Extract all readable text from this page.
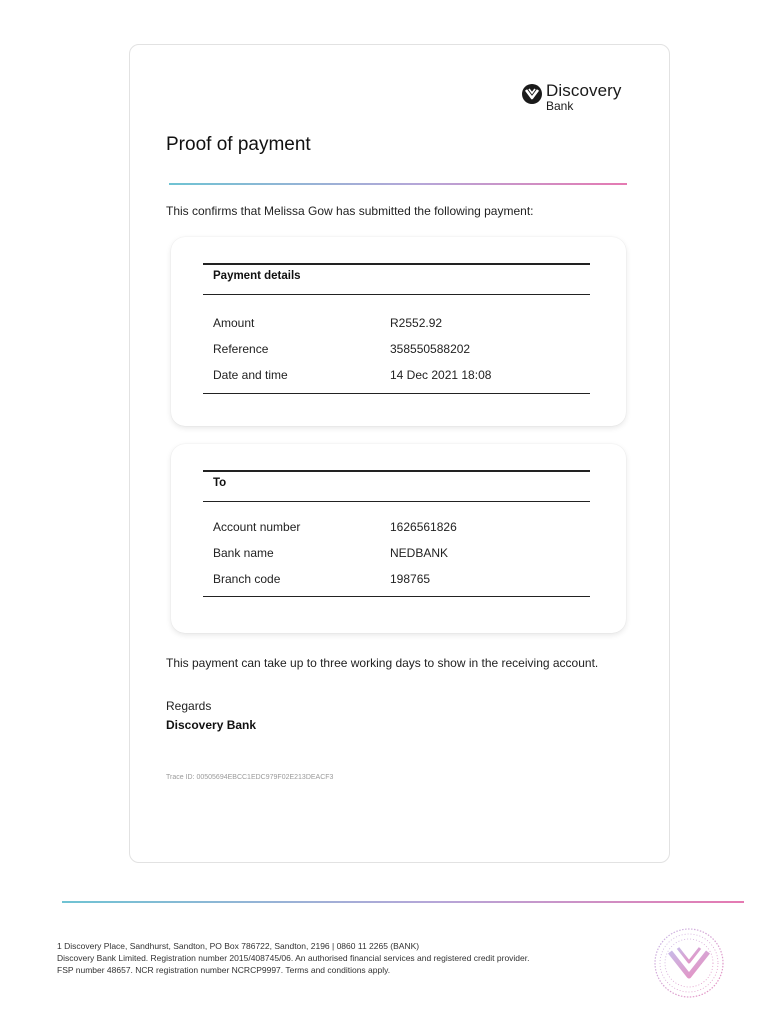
Discovery
Bank
Proof of payment
This confirms that Melissa Gow has submitted the following payment:
Payment details
Amount	R2552.92
Reference	358550588202
Date and time	14 Dec 2021 18:08
To
Account number	1626561826
Bank name	NEDBANK
Branch code	198765
This payment can take up to three working days to show in the receiving account.
Regards
Discovery Bank
Trace ID: 00505694EBCC1EDC979F02E213DEACF3
1 Discovery Place, Sandhurst, Sandton, PO Box 786722, Sandton, 2196 | 0860 11 2265 (BANK)
Discovery Bank Limited. Registration number 2015/408745/06. An authorised financial services and registered credit provider.
FSP number 48657. NCR registration number NCRCP9997. Terms and conditions apply.
